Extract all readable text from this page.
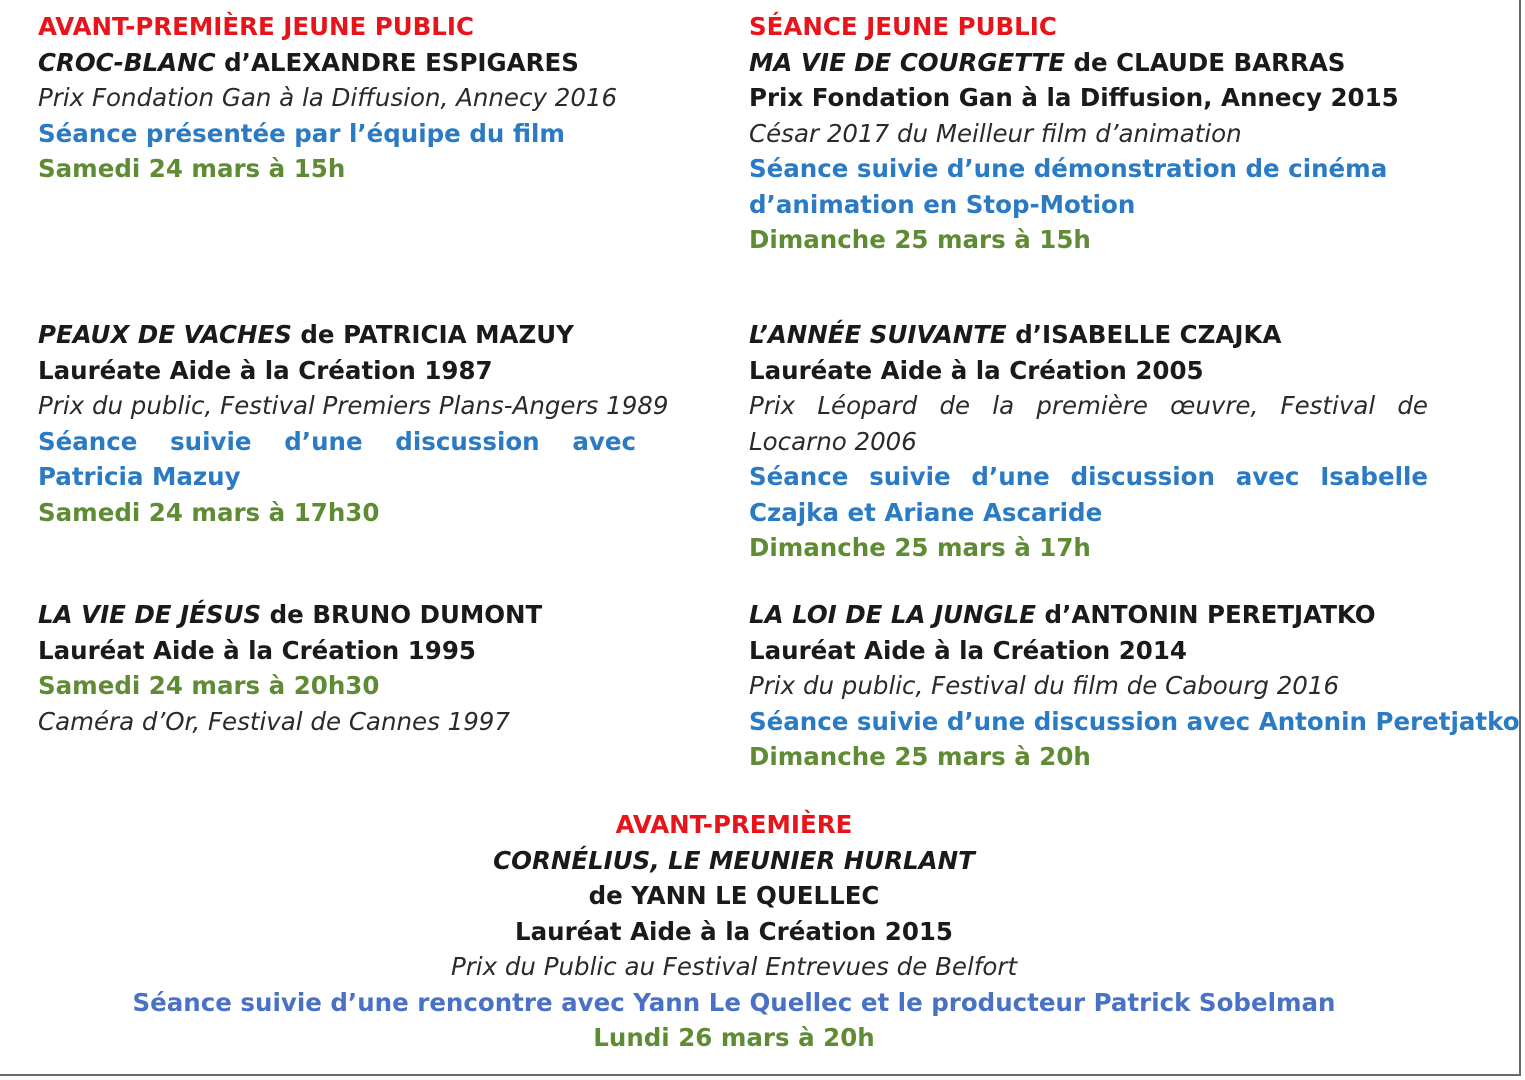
AVANT-PREMIÈRE JEUNE PUBLIC
CROC-BLANC d’ALEXANDRE ESPIGARES
Prix Fondation Gan à la Diffusion, Annecy 2016
Séance présentée par l’équipe du film
Samedi 24 mars à 15h
SÉANCE JEUNE PUBLIC
MA VIE DE COURGETTE de CLAUDE BARRAS
Prix Fondation Gan à la Diffusion, Annecy 2015
César 2017 du Meilleur film d’animation
Séance suivie d’une démonstration de cinéma
d’animation en Stop-Motion
Dimanche 25 mars à 15h
PEAUX DE VACHES de PATRICIA MAZUY
Lauréate Aide à la Création 1987
Prix du public, Festival Premiers Plans-Angers 1989
Séance suivie d’une discussion avec Patricia Mazuy
Samedi 24 mars à 17h30
L’ANNÉE SUIVANTE d’ISABELLE CZAJKA
Lauréate Aide à la Création 2005
Prix Léopard de la première œuvre, Festival de Locarno 2006
Séance suivie d’une discussion avec Isabelle Czajka et Ariane Ascaride
Dimanche 25 mars à 17h
LA VIE DE JÉSUS de BRUNO DUMONT
Lauréat Aide à la Création 1995
Samedi 24 mars à 20h30
Caméra d’Or, Festival de Cannes 1997
LA LOI DE LA JUNGLE d’ANTONIN PERETJATKO
Lauréat Aide à la Création 2014
Prix du public, Festival du film de Cabourg 2016
Séance suivie d’une discussion avec Antonin Peretjatko
Dimanche 25 mars à 20h
AVANT-PREMIÈRE
CORNÉLIUS, LE MEUNIER HURLANT
de YANN LE QUELLEC
Lauréat Aide à la Création 2015
Prix du Public au Festival Entrevues de Belfort
Séance suivie d’une rencontre avec Yann Le Quellec et le producteur Patrick Sobelman
Lundi 26 mars à 20h
